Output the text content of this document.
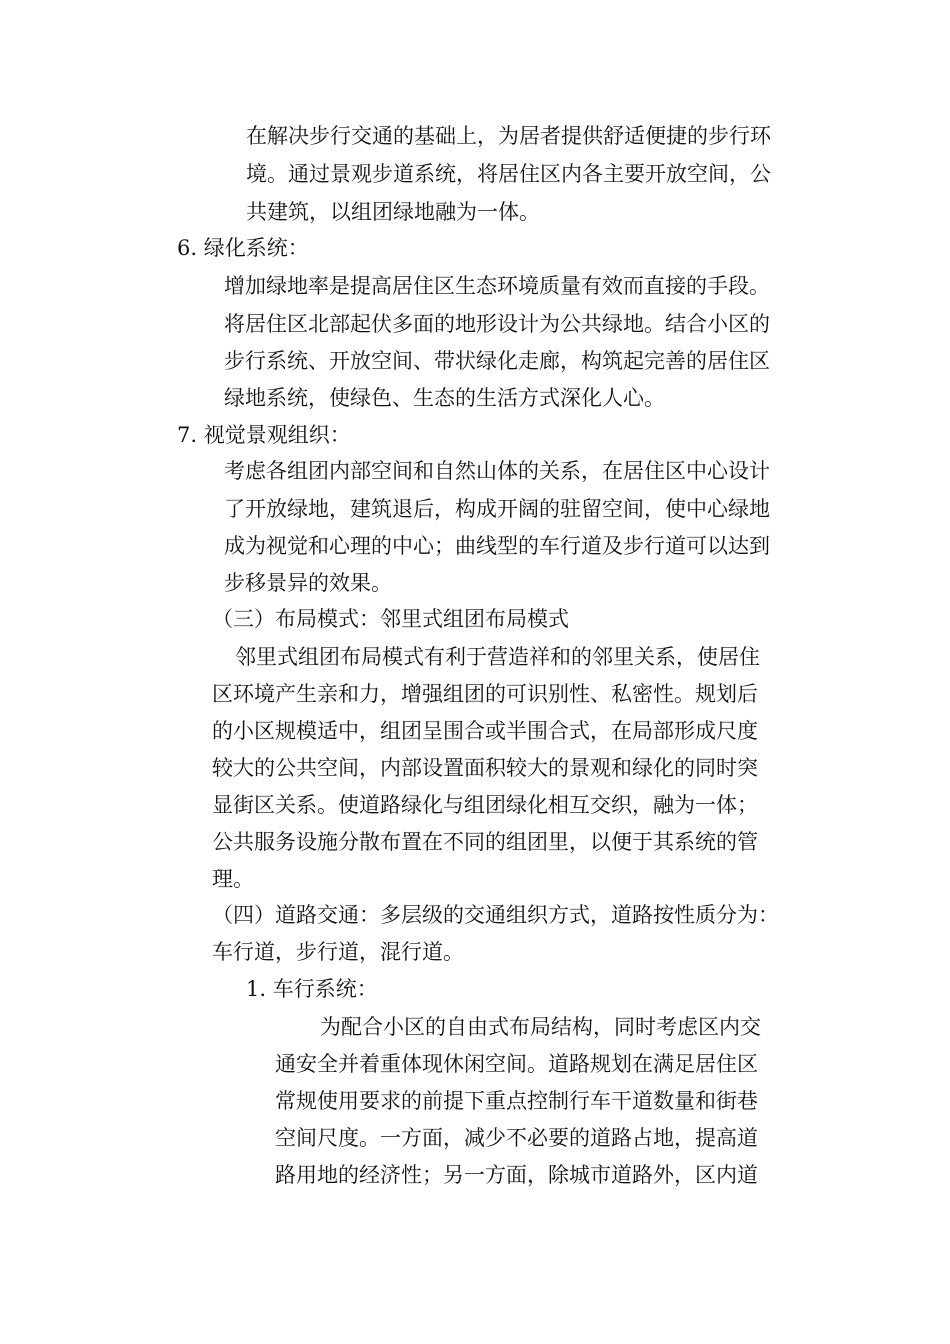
在解决步行交通的基础上，为居者提供舒适便捷的步行环
境。通过景观步道系统，将居住区内各主要开放空间，公
共建筑，以组团绿地融为一体。
6. 绿化系统：
增加绿地率是提高居住区生态环境质量有效而直接的手段。
将居住区北部起伏多面的地形设计为公共绿地。结合小区的
步行系统、开放空间、带状绿化走廊，构筑起完善的居住区
绿地系统，使绿色、生态的生活方式深化人心。
7. 视觉景观组织：
考虑各组团内部空间和自然山体的关系，在居住区中心设计
了开放绿地，建筑退后，构成开阔的驻留空间，使中心绿地
成为视觉和心理的中心；曲线型的车行道及步行道可以达到
步移景异的效果。
（三）布局模式：邻里式组团布局模式
邻里式组团布局模式有利于营造祥和的邻里关系，使居住
区环境产生亲和力，增强组团的可识别性、私密性。规划后
的小区规模适中，组团呈围合或半围合式，在局部形成尺度
较大的公共空间，内部设置面积较大的景观和绿化的同时突
显街区关系。使道路绿化与组团绿化相互交织，融为一体；
公共服务设施分散布置在不同的组团里，以便于其系统的管
理。
（四）道路交通：多层级的交通组织方式，道路按性质分为：
车行道，步行道，混行道。
1. 车行系统：
为配合小区的自由式布局结构，同时考虑区内交
通安全并着重体现休闲空间。道路规划在满足居住区
常规使用要求的前提下重点控制行车干道数量和街巷
空间尺度。一方面，减少不必要的道路占地，提高道
路用地的经济性；另一方面，除城市道路外，区内道
